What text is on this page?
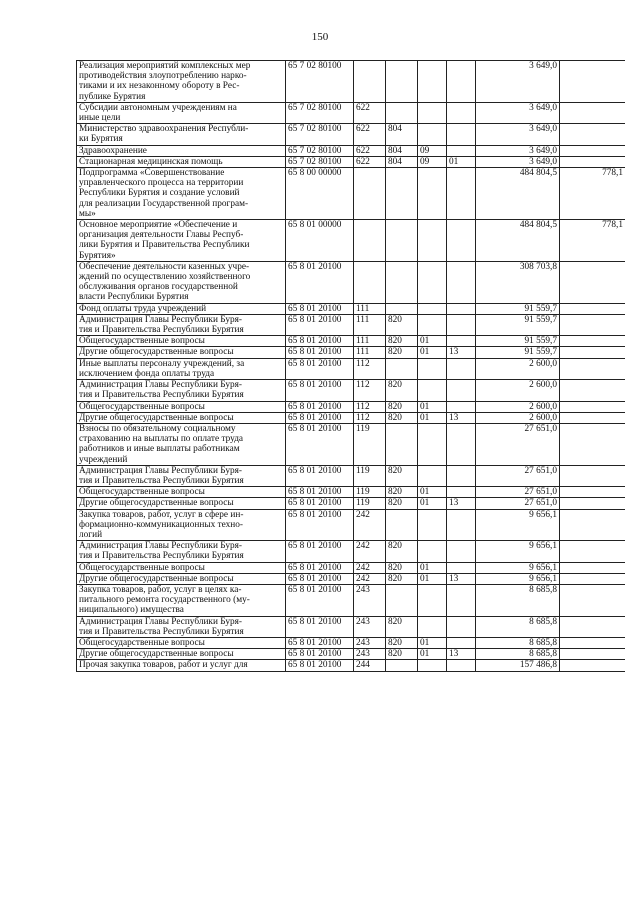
150
Реализация мероприятий комплексных мер
противодействия злоупотреблению нарко-
тиками и их незаконному обороту в Рес-
публике Бурятия	65 7 02 80100					3 649,0	

Субсидии автономным учреждениям на
иные цели	65 7 02 80100	622				3 649,0	

Министерство здравоохранения Республи-
ки Бурятия	65 7 02 80100	622	804			3 649,0	

Здравоохранение	65 7 02 80100	622	804	09		3 649,0	

Стационарная медицинская помощь	65 7 02 80100	622	804	09	01	3 649,0	

Подпрограмма «Совершенствование
управленческого процесса на территории
Республики Бурятия и создание условий
для реализации Государственной програм-
мы»	65 8 00 00000					484 804,5	778,1

Основное мероприятие «Обеспечение и
организация деятельности Главы Респуб-
лики Бурятия и Правительства Республики
Бурятия»	65 8 01 00000					484 804,5	778,1

Обеспечение деятельности казенных учре-
ждений по осуществлению хозяйственного
обслуживания органов государственной
власти Республики Бурятия	65 8 01 20100					308 703,8	

Фонд оплаты труда учреждений	65 8 01 20100	111				91 559,7	

Администрация Главы Республики Буря-
тия и Правительства Республики Бурятия	65 8 01 20100	111	820			91 559,7	

Общегосударственные вопросы	65 8 01 20100	111	820	01		91 559,7	

Другие общегосударственные вопросы	65 8 01 20100	111	820	01	13	91 559,7	

Иные выплаты персоналу учреждений, за
исключением фонда оплаты труда	65 8 01 20100	112				2 600,0	

Администрация Главы Республики Буря-
тия и Правительства Республики Бурятия	65 8 01 20100	112	820			2 600,0	

Общегосударственные вопросы	65 8 01 20100	112	820	01		2 600,0	

Другие общегосударственные вопросы	65 8 01 20100	112	820	01	13	2 600,0	

Взносы по обязательному социальному
страхованию на выплаты по оплате труда
работников и иные выплаты работникам
учреждений	65 8 01 20100	119				27 651,0	

Администрация Главы Республики Буря-
тия и Правительства Республики Бурятия	65 8 01 20100	119	820			27 651,0	

Общегосударственные вопросы	65 8 01 20100	119	820	01		27 651,0	

Другие общегосударственные вопросы	65 8 01 20100	119	820	01	13	27 651,0	

Закупка товаров, работ, услуг в сфере ин-
формационно-коммуникационных техно-
логий	65 8 01 20100	242				9 656,1	

Администрация Главы Республики Буря-
тия и Правительства Республики Бурятия	65 8 01 20100	242	820			9 656,1	

Общегосударственные вопросы	65 8 01 20100	242	820	01		9 656,1	

Другие общегосударственные вопросы	65 8 01 20100	242	820	01	13	9 656,1	

Закупка товаров, работ, услуг в целях ка-
питального ремонта государственного (му-
ниципального) имущества	65 8 01 20100	243				8 685,8	

Администрация Главы Республики Буря-
тия и Правительства Республики Бурятия	65 8 01 20100	243	820			8 685,8	

Общегосударственные вопросы	65 8 01 20100	243	820	01		8 685,8	

Другие общегосударственные вопросы	65 8 01 20100	243	820	01	13	8 685,8	

Прочая закупка товаров, работ и услуг для	65 8 01 20100	244				157 486,8	
